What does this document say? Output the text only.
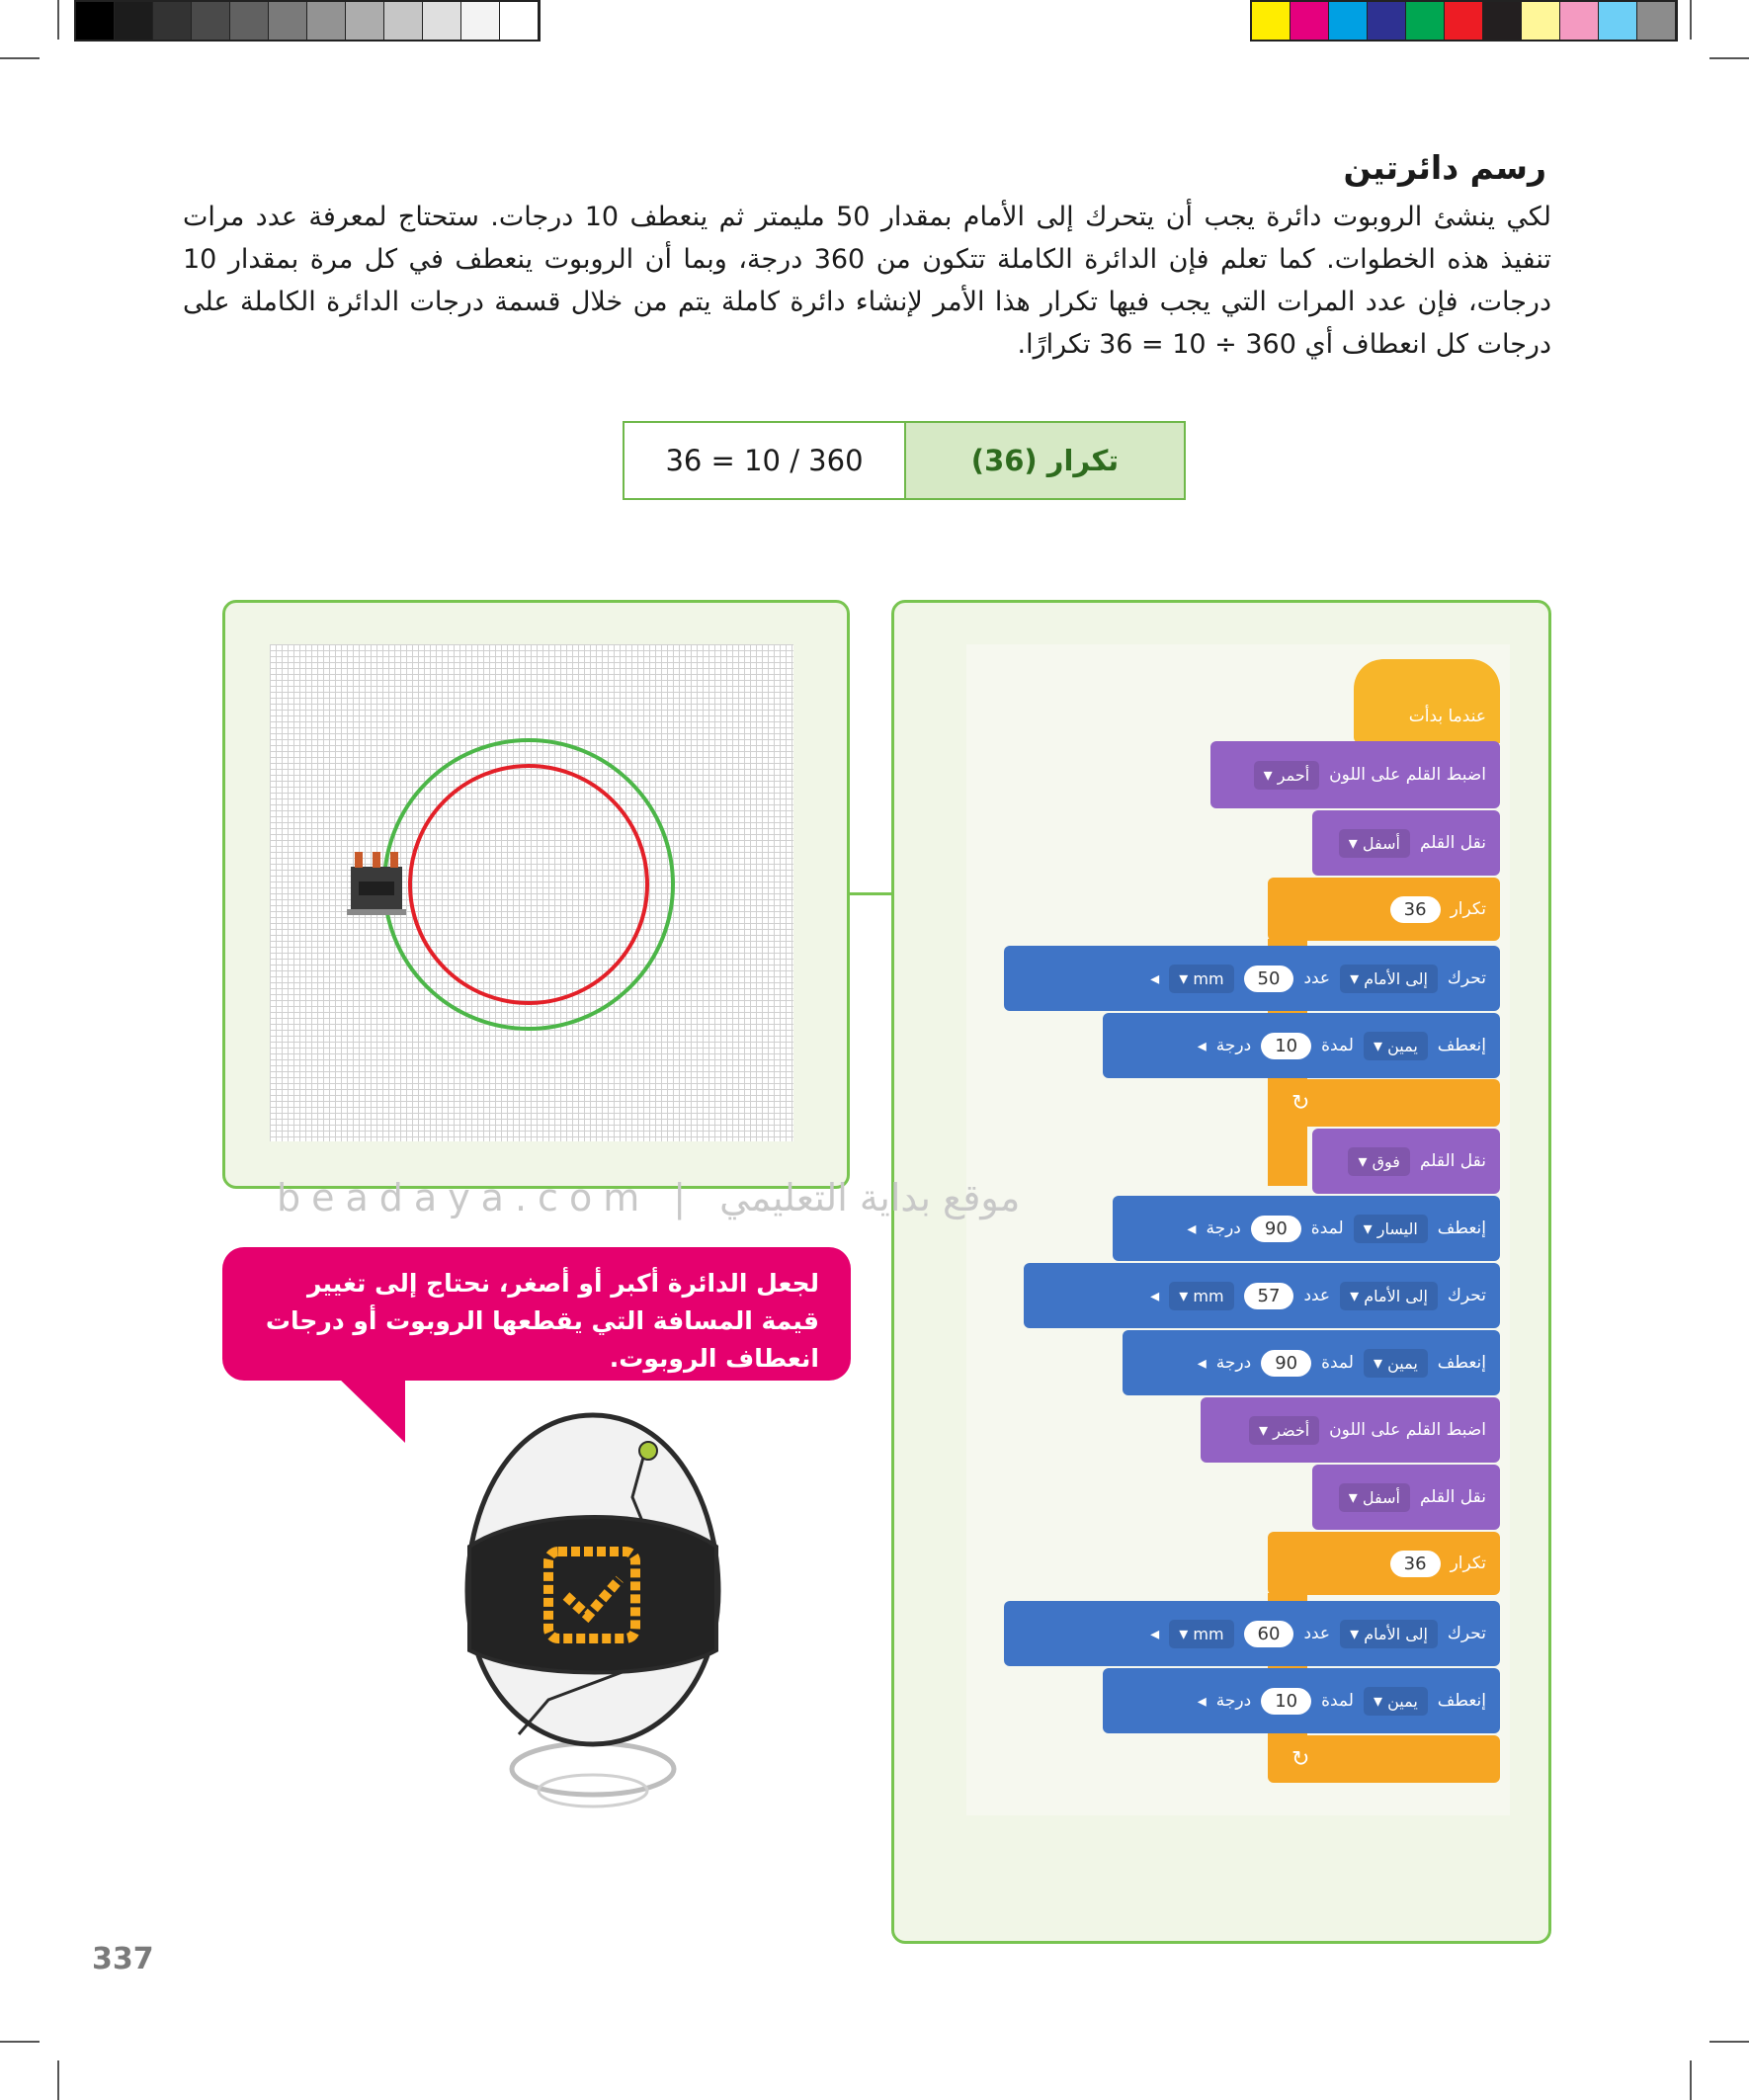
رسم دائرتين
لكي ينشئ الروبوت دائرة يجب أن يتحرك إلى الأمام بمقدار 50 مليمتر ثم ينعطف 10 درجات. ستحتاج لمعرفة عدد مرات تنفيذ هذه الخطوات. كما تعلم فإن الدائرة الكاملة تتكون من 360 درجة، وبما أن الروبوت ينعطف في كل مرة بمقدار 10 درجات، فإن عدد المرات التي يجب فيها تكرار هذا الأمر لإنشاء دائرة كاملة يتم من خلال قسمة درجات الدائرة الكاملة على درجات كل انعطاف أي 360 ÷ 10 = 36 تكرارًا.
36 = 10 / 360	تكرار (36)
عندما بدأت
▾ أحمر	اضبط القلم على اللون
▾ أسفل	نقل القلم
36	تكرار
◂	▾ mm	50	عدد	▾ إلى الأمام	تحرك
◂ درجة	10	لمدة	▾ يمين	إنعطف
↻
▾ فوق	نقل القلم
◂ درجة	90	لمدة	▾ اليسار	إنعطف
◂	▾ mm	57	عدد	▾ إلى الأمام	تحرك
◂ درجة	90	لمدة	▾ يمين	إنعطف
▾ أخضر	اضبط القلم على اللون
▾ أسفل	نقل القلم
36	تكرار
◂	▾ mm	60	عدد	▾ إلى الأمام	تحرك
◂ درجة	10	لمدة	▾ يمين	إنعطف
↻
beadaya.com | موقع بداية التعليمي
لجعل الدائرة أكبر أو أصغر، نحتاج إلى تغيير قيمة المسافة التي يقطعها الروبوت أو درجات انعطاف الروبوت.
337
